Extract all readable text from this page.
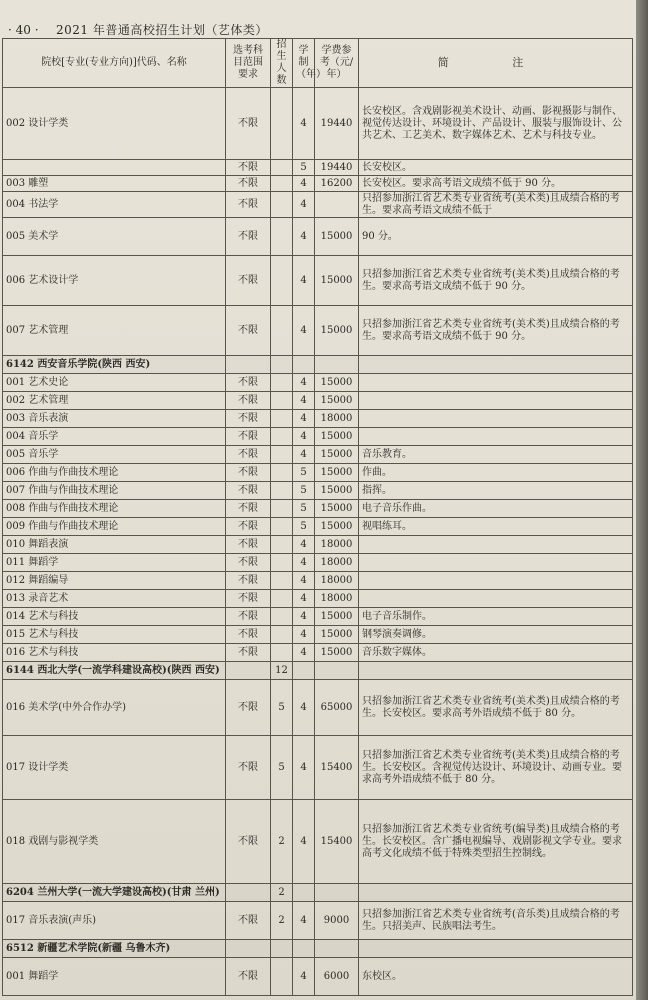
· 40 · 2021 年普通高校招生计划（艺体类）
院校[专业(专业方向)]代码、名称	选考科目范围要求	招生人数	学制（年）	学费参考（元/年）	简 注
002 设计学类	不限		4	19440	长安校区。含戏剧影视美术设计、动画、影视摄影与制作、视觉传达设计、环境设计、产品设计、服装与服饰设计、公共艺术、工艺美术、数字媒体艺术、艺术与科技专业。
	不限		5	19440	长安校区。
003 雕塑	不限		4	16200	长安校区。要求高考语文成绩不低于 90 分。
004 书法学	不限		4		只招参加浙江省艺术类专业省统考(美术类)且成绩合格的考生。要求高考语文成绩不低于
005 美术学	不限		4	15000	90 分。
006 艺术设计学	不限		4	15000	只招参加浙江省艺术类专业省统考(美术类)且成绩合格的考生。要求高考语文成绩不低于 90 分。
007 艺术管理	不限		4	15000	只招参加浙江省艺术类专业省统考(美术类)且成绩合格的考生。要求高考语文成绩不低于 90 分。
6142 西安音乐学院(陕西 西安)					
001 艺术史论	不限		4	15000	
002 艺术管理	不限		4	15000	
003 音乐表演	不限		4	18000	
004 音乐学	不限		4	15000	
005 音乐学	不限		4	15000	音乐教育。
006 作曲与作曲技术理论	不限		5	15000	作曲。
007 作曲与作曲技术理论	不限		5	15000	指挥。
008 作曲与作曲技术理论	不限		5	15000	电子音乐作曲。
009 作曲与作曲技术理论	不限		5	15000	视唱练耳。
010 舞蹈表演	不限		4	18000	
011 舞蹈学	不限		4	18000	
012 舞蹈编导	不限		4	18000	
013 录音艺术	不限		4	18000	
014 艺术与科技	不限		4	15000	电子音乐制作。
015 艺术与科技	不限		4	15000	钢琴演奏调修。
016 艺术与科技	不限		4	15000	音乐数字媒体。
6144 西北大学(一流学科建设高校)(陕西 西安)		12			
016 美术学(中外合作办学)	不限	5	4	65000	只招参加浙江省艺术类专业省统考(美术类)且成绩合格的考生。长安校区。要求高考外语成绩不低于 80 分。
017 设计学类	不限	5	4	15400	只招参加浙江省艺术类专业省统考(美术类)且成绩合格的考生。长安校区。含视觉传达设计、环境设计、动画专业。要求高考外语成绩不低于 80 分。
018 戏剧与影视学类	不限	2	4	15400	只招参加浙江省艺术类专业省统考(编导类)且成绩合格的考生。长安校区。含广播电视编导、戏剧影视文学专业。要求高考文化成绩不低于特殊类型招生控制线。
6204 兰州大学(一流大学建设高校)(甘肃 兰州)		2			
017 音乐表演(声乐)	不限	2	4	9000	只招参加浙江省艺术类专业省统考(音乐类)且成绩合格的考生。只招美声、民族唱法考生。
6512 新疆艺术学院(新疆 乌鲁木齐)					
001 舞蹈学	不限		4	6000	东校区。
